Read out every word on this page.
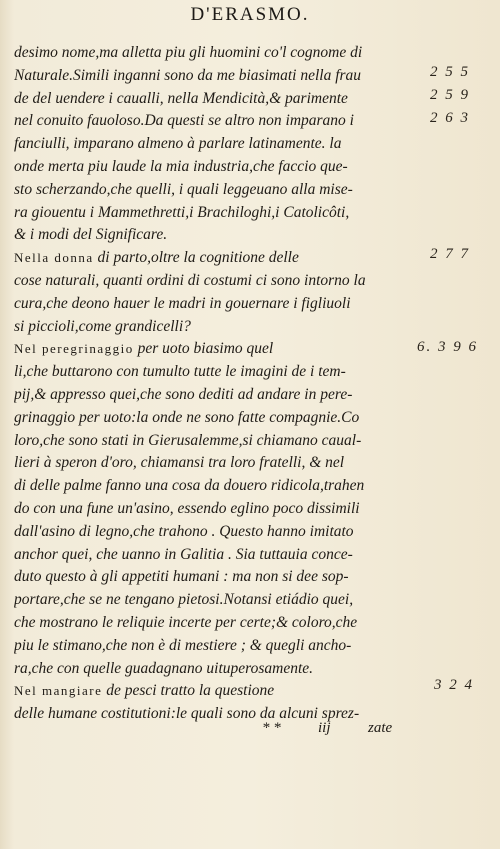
D'ERASMO.
desimo nome,ma alletta piu gli huomini co'l cognome di
Naturale.Simili inganni sono da me biasimati nella frau
de del uendere i caualli, nella Mendicità,& parimente
nel conuito fauoloso.Da questi se altro non imparano i
fanciulli, imparano almeno à parlare latinamente. la
onde merta piu laude la mia industria,che faccio que-
sto scherzando,che quelli, i quali leggeuano alla mise-
ra giouentu i Mammethretti,i Brachiloghi,i Catolicôti,
& i modi del Significare.
Nella donna di parto,oltre la cognitione delle
cose naturali, quanti ordini di costumi ci sono intorno la
cura,che deono hauer le madri in gouernare i figliuoli
si piccioli,come grandicelli?
Nel peregrinaggio per uoto biasimo quel
li,che buttarono con tumulto tutte le imagini de i tem-
pij,& appresso quei,che sono dediti ad andare in pere-
grinaggio per uoto:la onde ne sono fatte compagnie.Co
loro,che sono stati in Gierusalemme,si chiamano caual-
lieri à speron d'oro, chiamansi tra loro fratelli, & nel
di delle palme fanno una cosa da douero ridicola,trahen
do con una fune un'asino, essendo eglino poco dissimili
dall'asino di legno,che trahono . Questo hanno imitato
anchor quei, che uanno in Galitia . Sia tuttauia conce-
duto questo à gli appetiti humani : ma non si dee sop-
portare,che se ne tengano pietosi.Notansi etiádio quei,
che mostrano le reliquie incerte per certe;& coloro,che
piu le stimano,che non è di mestiere ; & quegli ancho-
ra,che con quelle guadagnano uituperosamente.
Nel mangiare de pesci tratto la questione
delle humane costitutioni:le quali sono da alcuni sprez-
2 5 5
2 5 9
2 6 3
2 7 7
6. 3 9 6
3 2 4
* * iij zate
